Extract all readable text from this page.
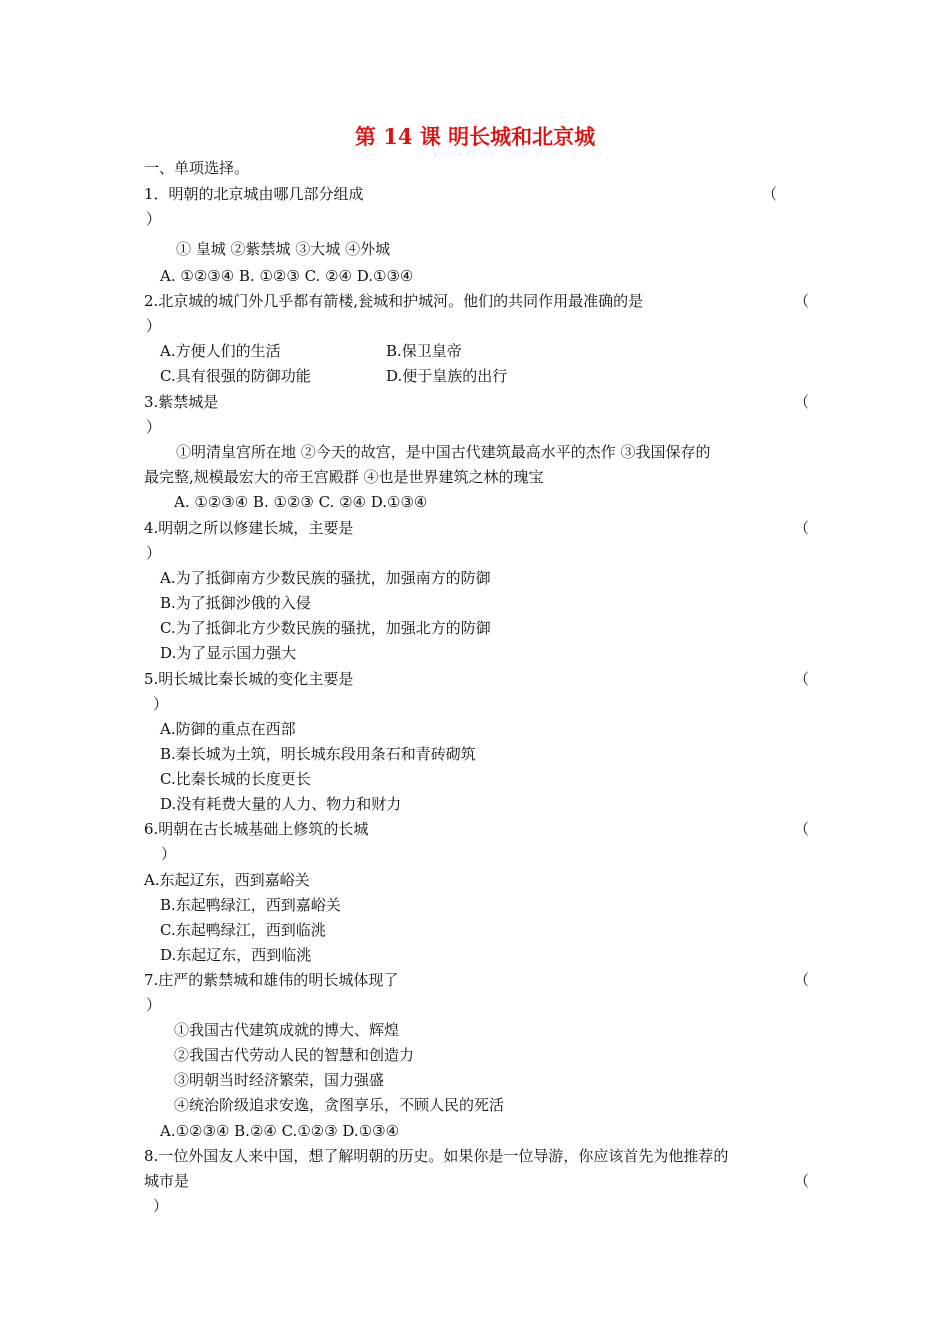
第 14 课 明长城和北京城
一、单项选择。
1．明朝的北京城由哪几部分组成	（
）
① 皇城 ②紫禁城 ③大城 ④外城
A. ①②③④ B. ①②③ C. ②④ D.①③④
2.北京城的城门外几乎都有箭楼,瓮城和护城河。他们的共同作用最准确的是	（
）
A.方便人们的生活	B.保卫皇帝
C.具有很强的防御功能	D.便于皇族的出行
3.紫禁城是	（
）
①明清皇宫所在地 ②今天的故宫，是中国古代建筑最高水平的杰作 ③我国保存的
最完整,规模最宏大的帝王宫殿群 ④也是世界建筑之林的瑰宝
A. ①②③④ B. ①②③ C. ②④ D.①③④
4.明朝之所以修建长城，主要是	（
）
A.为了抵御南方少数民族的骚扰，加强南方的防御
B.为了抵御沙俄的入侵
C.为了抵御北方少数民族的骚扰，加强北方的防御
D.为了显示国力强大
5.明长城比秦长城的变化主要是	（
）
A.防御的重点在西部
B.秦长城为土筑，明长城东段用条石和青砖砌筑
C.比秦长城的长度更长
D.没有耗费大量的人力、物力和财力
6.明朝在古长城基础上修筑的长城	（
）
A.东起辽东，西到嘉峪关
B.东起鸭绿江，西到嘉峪关
C.东起鸭绿江，西到临洮
D.东起辽东，西到临洮
7.庄严的紫禁城和雄伟的明长城体现了	（
）
①我国古代建筑成就的博大、辉煌
②我国古代劳动人民的智慧和创造力
③明朝当时经济繁荣，国力强盛
④统治阶级追求安逸，贪图享乐，不顾人民的死活
A.①②③④ B.②④ C.①②③ D.①③④
8.一位外国友人来中国，想了解明朝的历史。如果你是一位导游，你应该首先为他推荐的
城市是	（
）
